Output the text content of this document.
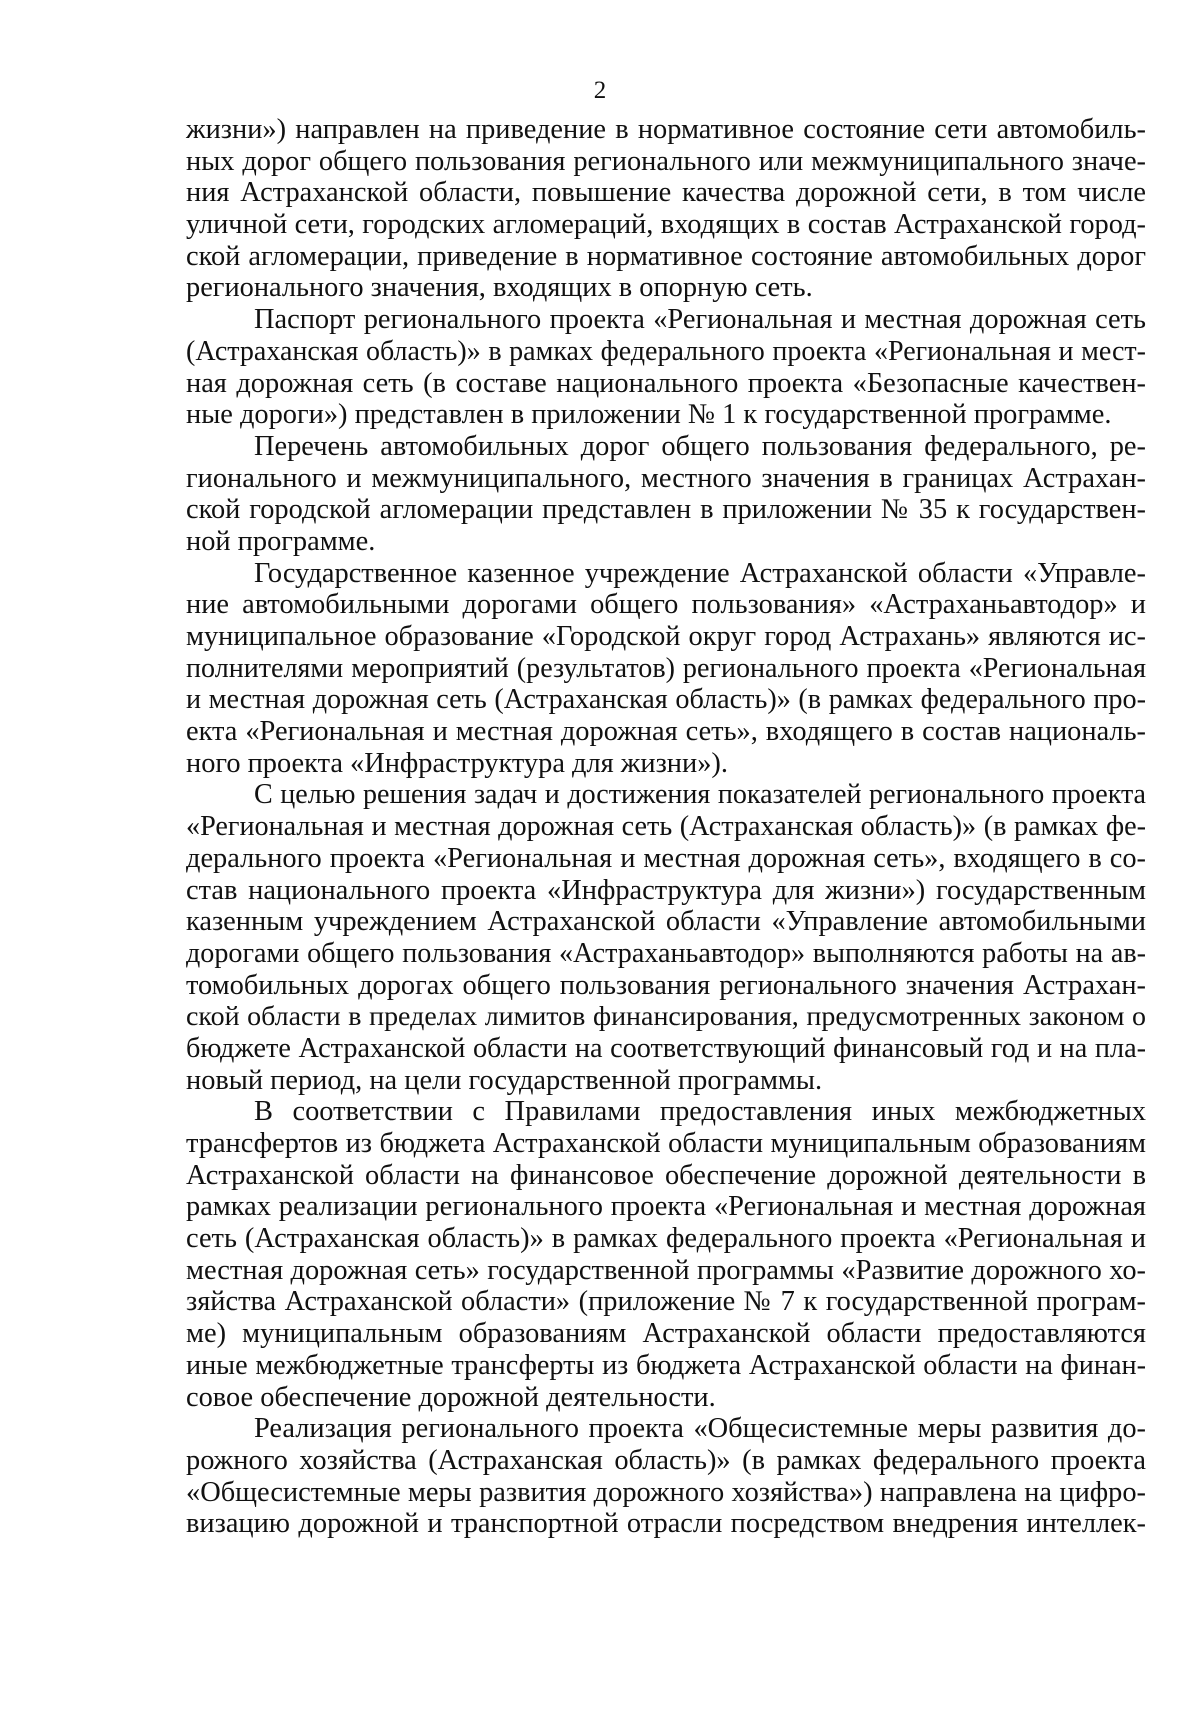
2
жизни») направлен на приведение в нормативное состояние сети автомобиль-
ных дорог общего пользования регионального или межмуниципального значе-
ния Астраханской области, повышение качества дорожной сети, в том числе
уличной сети, городских агломераций, входящих в состав Астраханской город-
ской агломерации, приведение в нормативное состояние автомобильных дорог
регионального значения, входящих в опорную сеть.
Паспорт регионального проекта «Региональная и местная дорожная сеть
(Астраханская область)» в рамках федерального проекта «Региональная и мест-
ная дорожная сеть (в составе национального проекта «Безопасные качествен-
ные дороги») представлен в приложении № 1 к государственной программе.
Перечень автомобильных дорог общего пользования федерального, ре-
гионального и межмуниципального, местного значения в границах Астрахан-
ской городской агломерации представлен в приложении № 35 к государствен-
ной программе.
Государственное казенное учреждение Астраханской области «Управле-
ние автомобильными дорогами общего пользования» «Астраханьавтодор» и
муниципальное образование «Городской округ город Астрахань» являются ис-
полнителями мероприятий (результатов) регионального проекта «Региональная
и местная дорожная сеть (Астраханская область)» (в рамках федерального про-
екта «Региональная и местная дорожная сеть», входящего в состав националь-
ного проекта «Инфраструктура для жизни»).
С целью решения задач и достижения показателей регионального проекта
«Региональная и местная дорожная сеть (Астраханская область)» (в рамках фе-
дерального проекта «Региональная и местная дорожная сеть», входящего в со-
став национального проекта «Инфраструктура для жизни») государственным
казенным учреждением Астраханской области «Управление автомобильными
дорогами общего пользования «Астраханьавтодор» выполняются работы на ав-
томобильных дорогах общего пользования регионального значения Астрахан-
ской области в пределах лимитов финансирования, предусмотренных законом о
бюджете Астраханской области на соответствующий финансовый год и на пла-
новый период, на цели государственной программы.
В соответствии с Правилами предоставления иных межбюджетных
трансфертов из бюджета Астраханской области муниципальным образованиям
Астраханской области на финансовое обеспечение дорожной деятельности в
рамках реализации регионального проекта «Региональная и местная дорожная
сеть (Астраханская область)» в рамках федерального проекта «Региональная и
местная дорожная сеть» государственной программы «Развитие дорожного хо-
зяйства Астраханской области» (приложение № 7 к государственной програм-
ме) муниципальным образованиям Астраханской области предоставляются
иные межбюджетные трансферты из бюджета Астраханской области на финан-
совое обеспечение дорожной деятельности.
Реализация регионального проекта «Общесистемные меры развития до-
рожного хозяйства (Астраханская область)» (в рамках федерального проекта
«Общесистемные меры развития дорожного хозяйства») направлена на цифро-
визацию дорожной и транспортной отрасли посредством внедрения интеллек-
